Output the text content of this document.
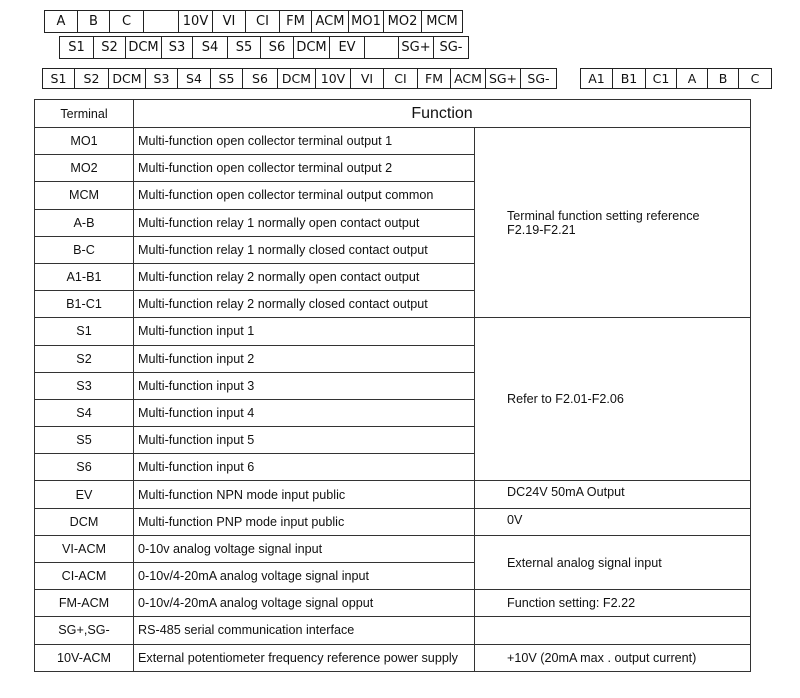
A	B	C	10V	VI	CI	FM ACM MO1 MO2 MCM
S1	S2 DCM S3	S4	S5	S6 DCM EV	SG+ SG-
S1	S2	DCM S3	S4	S5	S6	DCM 10V	VI	CI	FM ACM SG+ SG-	A1	B1	C1	A	B	C
Terminal	Function	
MO1	Multi-function open collector terminal output 1	Terminal function setting reference
F2.19-F2.21

MO2	Multi-function open collector terminal output 2	
MCM	Multi-function open collector terminal output common	
A-B	Multi-function relay 1 normally open contact output	
B-C	Multi-function relay 1 normally closed contact output	
A1-B1	Multi-function relay 2 normally open contact output	
B1-C1	Multi-function relay 2 normally closed contact output	
S1	Multi-function input 1	Refer to F2.01-F2.06

S2	Multi-function input 2	
S3	Multi-function input 3	
S4	Multi-function input 4	
S5	Multi-function input 5	
S6	Multi-function input 6	
EV	Multi-function NPN mode input public	DC24V 50mA Output

DCM	Multi-function PNP mode input public	0V

VI-ACM	0-10v analog voltage signal input	External analog signal input

CI-ACM	0-10v/4-20mA analog voltage signal input	
FM-ACM	0-10v/4-20mA analog voltage signal opput	Function setting: F2.22

SG+,SG-	RS-485 serial communication interface	

10V-ACM	External potentiometer frequency reference power supply	+10V (20mA max . output current)
